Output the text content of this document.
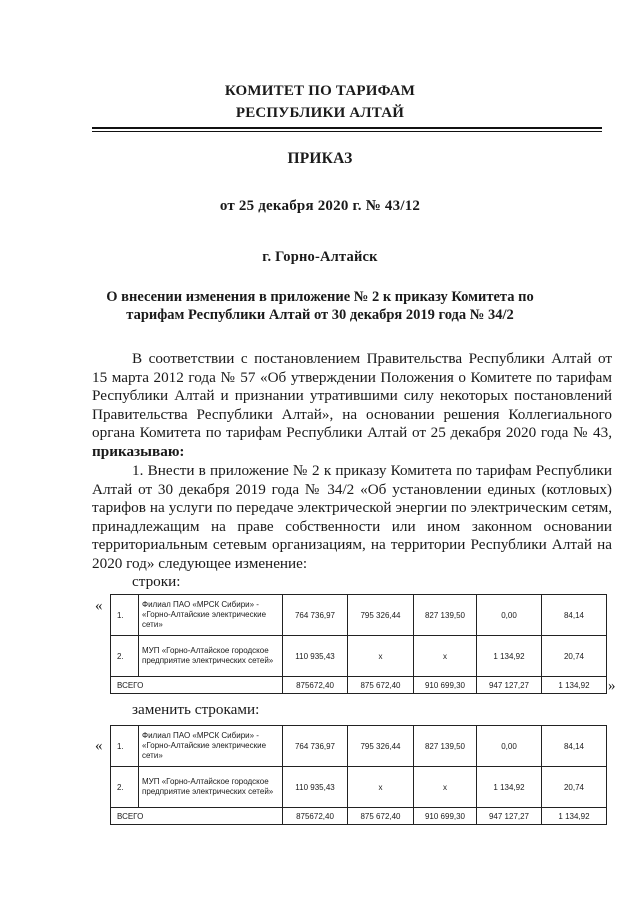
КОМИТЕТ ПО ТАРИФАМ
РЕСПУБЛИКИ АЛТАЙ
ПРИКАЗ
от 25 декабря 2020 г. № 43/12
г. Горно-Алтайск
О внесении изменения в приложение № 2 к приказу Комитета по
тарифам Республики Алтай от 30 декабря 2019 года № 34/2

В соответствии с постановлением Правительства Республики Алтай от 15 марта 2012 года № 57 «Об утверждении Положения о Комитете по тарифам Республики Алтай и признании утратившими силу некоторых постановлений Правительства Республики Алтай», на основании решения Коллегиального органа Комитета по тарифам Республики Алтай от 25 декабря 2020 года № 43, приказываю:

1. Внести в приложение № 2 к приказу Комитета по тарифам Республики Алтай от 30 декабря 2019 года № 34/2 «Об установлении единых (котловых) тарифов на услуги по передаче электрической энергии по электрическим сетям, принадлежащим на праве собственности или ином законном основании территориальным сетевым организациям, на территории Республики Алтай на 2020 год» следующее изменение:

строки:
«
1.	Филиал ПАО «МРСК Сибири» - «Горно-Алтайские электрические сети»	764 736,97	795 326,44	827 139,50	0,00	84,14
2.	МУП «Горно-Алтайское городское предприятие электрических сетей»	110 935,43	х	х	1 134,92	20,74
ВСЕГО		875672,40	875 672,40	910 699,30	947 127,27	1 134,92 »
заменить строками:
« 1.	Филиал ПАО «МРСК Сибири» - «Горно-Алтайские электрические сети»	764 736,97	795 326,44	827 139,50	0,00	84,14
2.	МУП «Горно-Алтайское городское предприятие электрических сетей»	110 935,43	х	х	1 134,92	20,74
ВСЕГО		875672,40	875 672,40	910 699,30	947 127,27	1 134,92
